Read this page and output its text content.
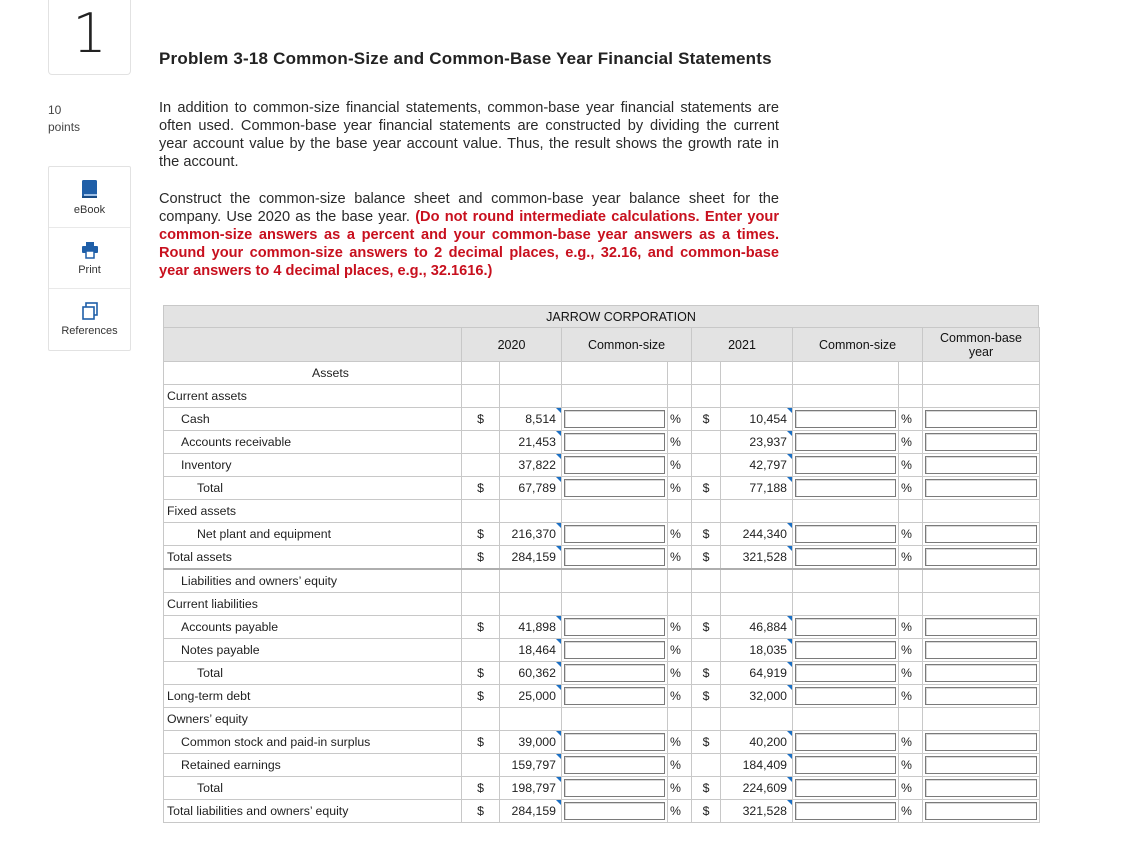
1
10
points
eBook
Print
References
Problem 3-18 Common-Size and Common-Base Year Financial Statements
In addition to common-size financial statements, common-base year financial statements are often used. Common-base year financial statements are constructed by dividing the current year account value by the base year account value. Thus, the result shows the growth rate in the account.
Construct the common-size balance sheet and common-base year balance sheet for the company. Use 2020 as the base year. (Do not round intermediate calculations. Enter your common-size answers as a percent and your common-base year answers as a times. Round your common-size answers to 2 decimal places, e.g., 32.16, and common-base year answers to 4 decimal places, e.g., 32.1616.)
JARROW CORPORATION
	2020		Common-size		2021		Common-size		Common-base year
Assets									
Current assets									
Cash	$	8,514		%	$	10,454		%	

Accounts receivable		21,453		%		23,937		%	

Inventory		37,822		%		42,797		%	

Total	$	67,789		%	$	77,188		%	

Fixed assets									
Net plant and equipment	$	216,370		%	$	244,340		%	

Total assets	$	284,159		%	$	321,528		%	

Liabilities and owners’ equity									
Current liabilities									
Accounts payable	$	41,898		%	$	46,884		%	

Notes payable		18,464		%		18,035		%	

Total	$	60,362		%	$	64,919		%	

Long-term debt	$	25,000		%	$	32,000		%	

Owners’ equity									
Common stock and paid-in surplus	$	39,000		%	$	40,200		%	

Retained earnings		159,797		%		184,409		%	

Total	$	198,797		%	$	224,609		%	

Total liabilities and owners’ equity	$	284,159		%	$	321,528		%	
